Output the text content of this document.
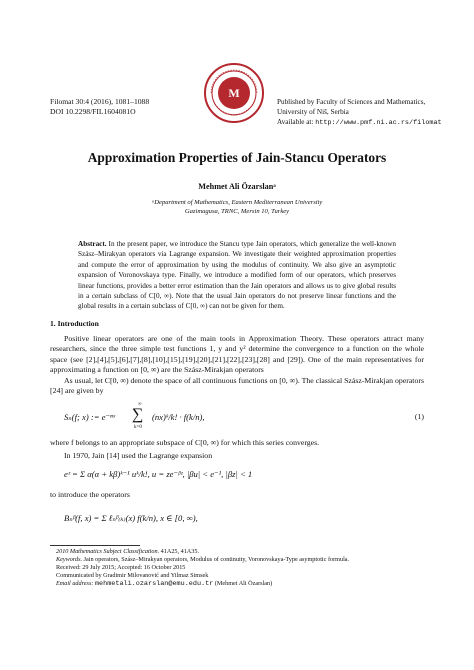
Filomat 30:4 (2016), 1081–1088
DOI 10.2298/FIL1604081O
M
Published by Faculty of Sciences and Mathematics,
University of Niš, Serbia
Available at: http://www.pmf.ni.ac.rs/filomat
Approximation Properties of Jain-Stancu Operators
Mehmet Ali Özarslanᵃ
ᵃDepartment of Mathematics, Eastern Mediterranean University
Gazimagusa, TRNC, Mersin 10, Turkey
Abstract. In the present paper, we introduce the Stancu type Jain operators, which generalize the well-known Szász–Mirakyan operators via Lagrange expansion. We investigate their weighted approximation properties and compute the error of approximation by using the modulus of continuity. We also give an asymptotic expansion of Voronovskaya type. Finally, we introduce a modified form of our operators, which preserves linear functions, provides a better error estimation than the Jain operators and allows us to give global results in a certain subclass of C[0, ∞). Note that the usual Jain operators do not preserve linear functions and the global results in a certain subclass of C[0, ∞) can not be given for them.
1. Introduction
Positive linear operators are one of the main tools in Approximation Theory. These operators attract many researchers, since the three simple test functions 1, y and y² determine the convergence to a function on the whole space (see [2],[4],[5],[6],[7],[8],[10],[15],[19],[20],[21],[22],[23],[28] and [29]). One of the main representatives for approximating a function on [0, ∞) are the Szász-Mirakjan operators
As usual, let C[0, ∞) denote the space of all continuous functions on [0, ∞). The classical Szász-Mirakjan operators [24] are given by
Sₙ(f; x) := e⁻ⁿˣ
∞
∑
k=0
(nx)ᵏ/k! · f(k/n),	(1)
where f belongs to an appropriate subspace of C[0, ∞) for which this series converges.
In 1970, Jain [14] used the Lagrange expansion
eᶻ = Σ α(α + kβ)ᵏ⁻¹ uᵏ/k!, u = ze⁻ᵝᶻ, |βu| < e⁻¹, |βz| < 1
to introduce the operators
Bₙᵝ(f, x) = Σ ℓₙᵝ₍ₖ₎(x) f(k/n), x ∈ [0, ∞),
2010 Mathematics Subject Classification. 41A25, 41A35.
Keywords. Jain operators, Szász–Mirakyan operators, Modulus of continuity, Voronovskaya-Type asymptotic formula.
Received: 29 July 2015; Accepted: 16 October 2015
Communicated by Gradimir Milovanović and Yilmaz Simsek
Email address: mehmetali.ozarslan@emu.edu.tr (Mehmet Ali Özarslan)
